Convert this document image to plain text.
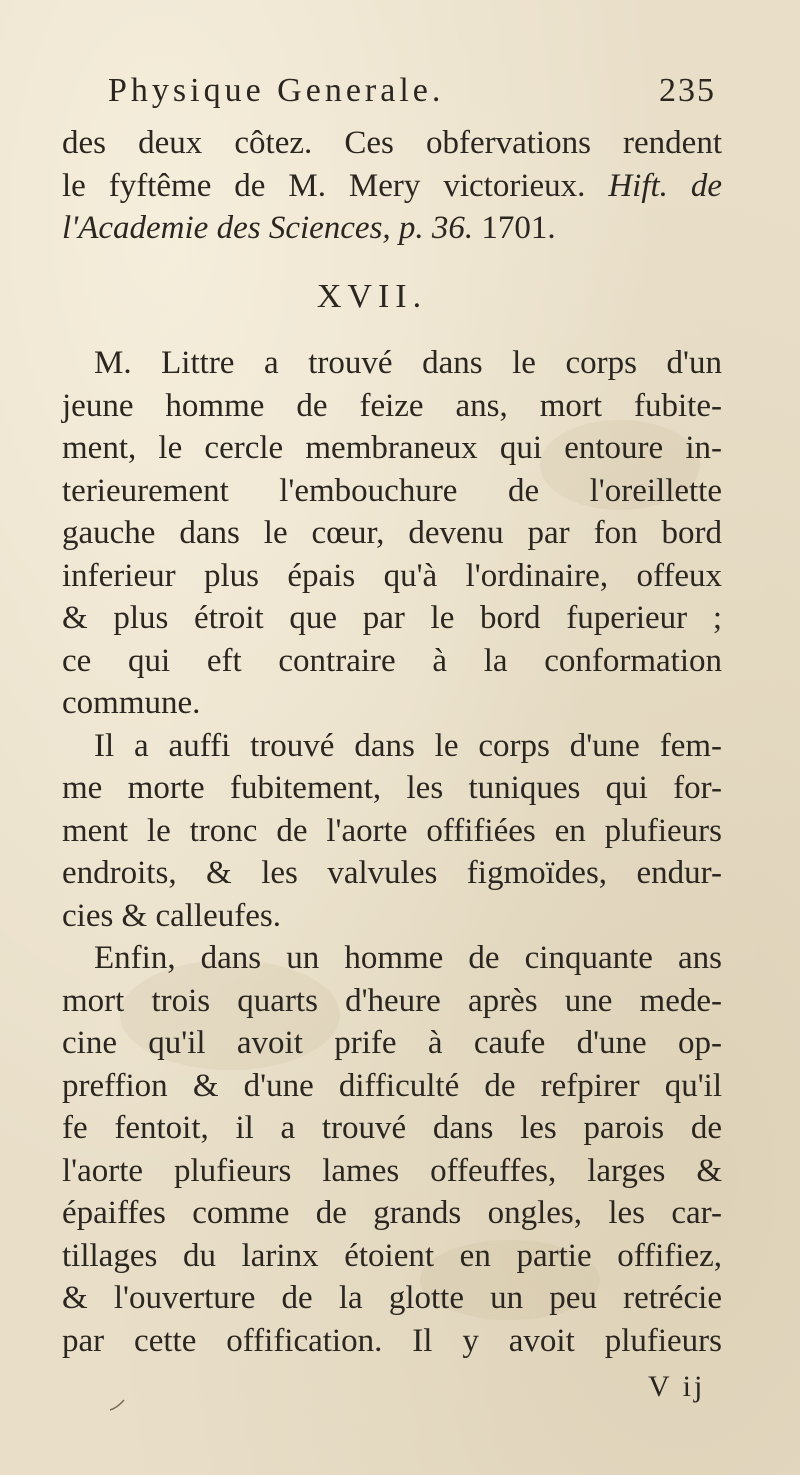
Physique Generale.	235
des deux côtez. Ces obfervations rendent
le fyftême de M. Mery victorieux. Hift. de
l'Academie des Sciences, p. 36. 1701.
XVII.
M. Littre a trouvé dans le corps d'un
jeune homme de feize ans, mort fubite-
ment, le cercle membraneux qui entoure in-
terieurement l'embouchure de l'oreillette
gauche dans le cœur, devenu par fon bord
inferieur plus épais qu'à l'ordinaire, offeux
& plus étroit que par le bord fuperieur ;
ce qui eft contraire à la conformation
commune.
Il a auffi trouvé dans le corps d'une fem-
me morte fubitement, les tuniques qui for-
ment le tronc de l'aorte offifiées en plufieurs
endroits, & les valvules figmoïdes, endur-
cies & calleufes.
Enfin, dans un homme de cinquante ans
mort trois quarts d'heure après une mede-
cine qu'il avoit prife à caufe d'une op-
preffion & d'une difficulté de refpirer qu'il
fe fentoit, il a trouvé dans les parois de
l'aorte plufieurs lames offeuffes, larges &
épaiffes comme de grands ongles, les car-
tillages du larinx étoient en partie offifiez,
& l'ouverture de la glotte un peu retrécie
par cette offification. Il y avoit plufieurs
V ij
